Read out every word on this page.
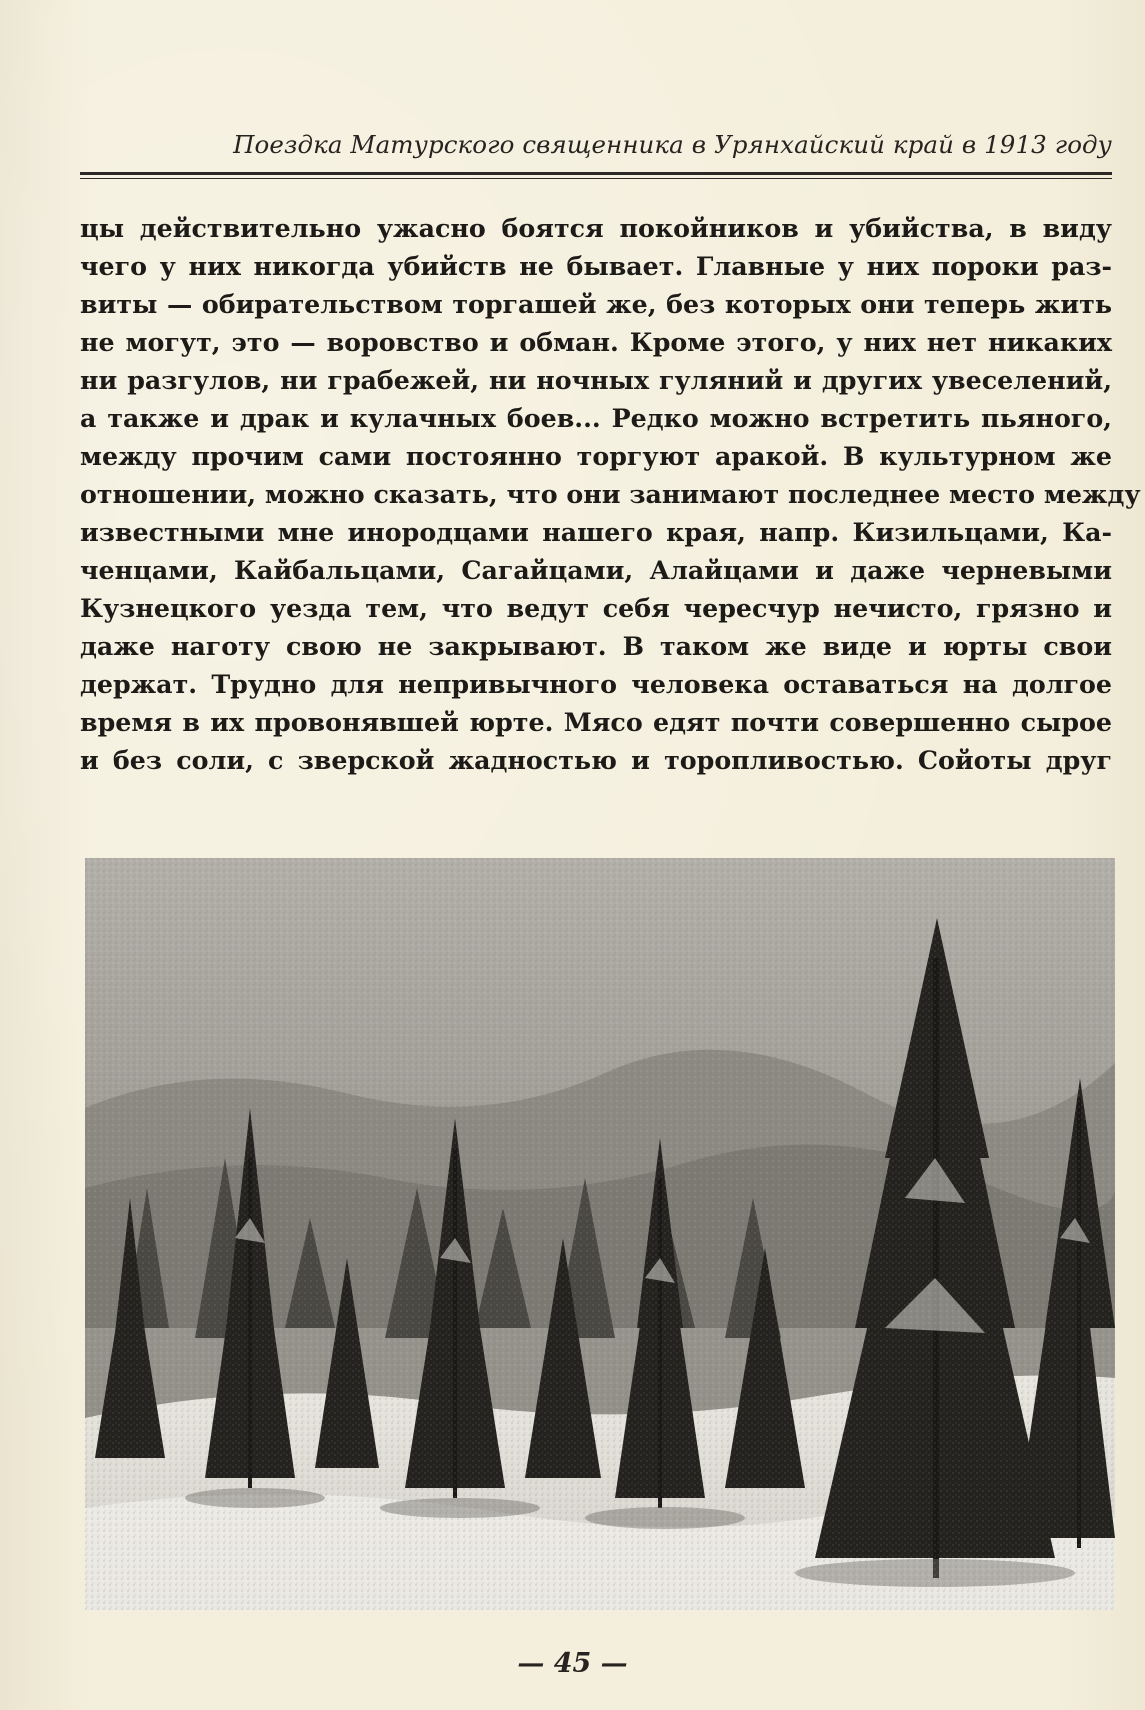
Поездка Матурского священника в Урянхайский край в 1913 году
цы действительно ужасно боятся покойников и убийства, в виду
чего у них никогда убийств не бывает. Главные у них пороки раз-
виты — обирательством торгашей же, без которых они теперь жить
не могут, это — воровство и обман. Кроме этого, у них нет никаких
ни разгулов, ни грабежей, ни ночных гуляний и других увеселений,
а также и драк и кулачных боев... Редко можно встретить пьяного,
между прочим сами постоянно торгуют аракой. В культурном же
отношении, можно сказать, что они занимают последнее место между
известными мне инородцами нашего края, напр. Кизильцами, Ка-
ченцами, Кайбальцами, Сагайцами, Алайцами и даже черневыми
Кузнецкого уезда тем, что ведут себя чересчур нечисто, грязно и
даже наготу свою не закрывают. В таком же виде и юрты свои
держат. Трудно для непривычного человека оставаться на долгое
время в их провонявшей юрте. Мясо едят почти совершенно сырое
и без соли, с зверской жадностью и торопливостью. Сойоты друг
— 45 —
